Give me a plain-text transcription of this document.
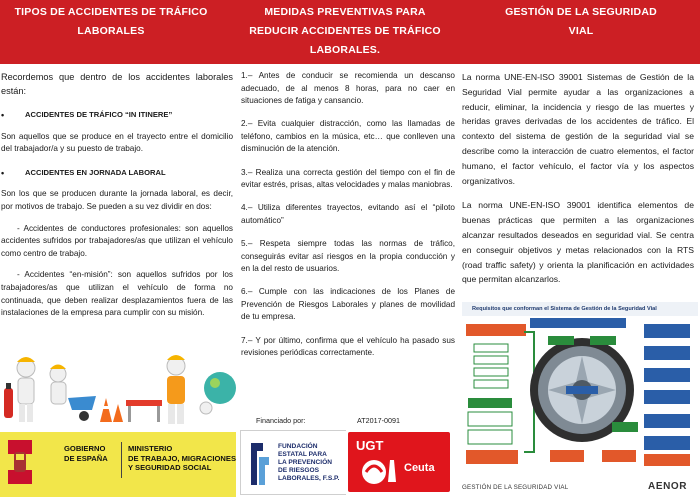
TIPOS DE ACCIDENTES DE TRÁFICO
LABORALES
MEDIDAS PREVENTIVAS PARA
REDUCIR ACCIDENTES DE TRÁFICO
LABORALES.
GESTIÓN DE LA SEGURIDAD
VIAL

Recordemos que dentro de los accidentes laborales están:

•	ACCIDENTES DE TRÁFICO “IN ITINERE”

Son aquellos que se produce en el trayecto entre el domicilio del trabajador/a y su puesto de trabajo.

•	ACCIDENTES EN JORNADA LABORAL

Son los que se producen durante la jornada laboral, es decir, por motivos de trabajo. Se pueden a su vez dividir en dos:

- Accidentes de conductores profesionales: son aquellos accidentes sufridos por trabajadores/as que utilizan el vehículo como centro de trabajo.

- Accidentes “en-misión”: son aquellos sufridos por los trabajadores/as que utilizan el vehículo de forma no continuada, que deben realizar desplazamientos fuera de las instalaciones de la empresa para cumplir con su misión.

1.– Antes de conducir se recomienda un descanso adecuado, de al menos 8 horas, para no caer en situaciones de fatiga y cansancio.

2.– Evita cualquier distracción, como las llamadas de teléfono, cambios en la música, etc… que conlleven una disminución de la atención.

3.– Realiza una correcta gestión del tiempo con el fin de evitar estrés, prisas, altas velocidades y malas maniobras.

4.– Utiliza diferentes trayectos, evitando así el “piloto automático”

5.– Respeta siempre todas las normas de tráfico, conseguirás evitar así riesgos en la propia conducción y en la del resto de usuarios.

6.– Cumple con las indicaciones de los Planes de Prevención de Riesgos Laborales y planes de movilidad de tu empresa.

7.– Y por último, confirma que el vehículo ha pasado sus revisiones periódicas correctamente.

Financiado por:	AT2017-0091

La norma UNE-EN-ISO 39001 Sistemas de Gestión de la Seguridad Vial permite ayudar a las organizaciones a reducir, eliminar, la incidencia y riesgo de las muertes y heridas graves derivadas de los accidentes de tráfico. El contexto del sistema de gestión de la seguridad vial se describe como la interacción de cuatro elementos, el factor humano, el factor vehículo, el factor vía y los aspectos organizativos.

La norma UNE-EN-ISO 39001 identifica elementos de buenas prácticas que permiten a las organizaciones alcanzar resultados deseados en seguridad vial. Se centra en conseguir objetivos y metas relacionados con la RTS (road traffic safety) y orienta la planificación en actividades que permitan alcanzarlos.

Requisitos que conforman el Sistema de Gestión de la Seguridad Vial
GESTIÓN DE LA SEGURIDAD VIAL	AENOR
GOBIERNO
DE ESPAÑA
MINISTERIO
DE TRABAJO, MIGRACIONES
Y SEGURIDAD SOCIAL
FUNDACIÓN
ESTATAL PARA
LA PREVENCIÓN
DE RIESGOS
LABORALES, F.S.P.
UGT
Ceuta
